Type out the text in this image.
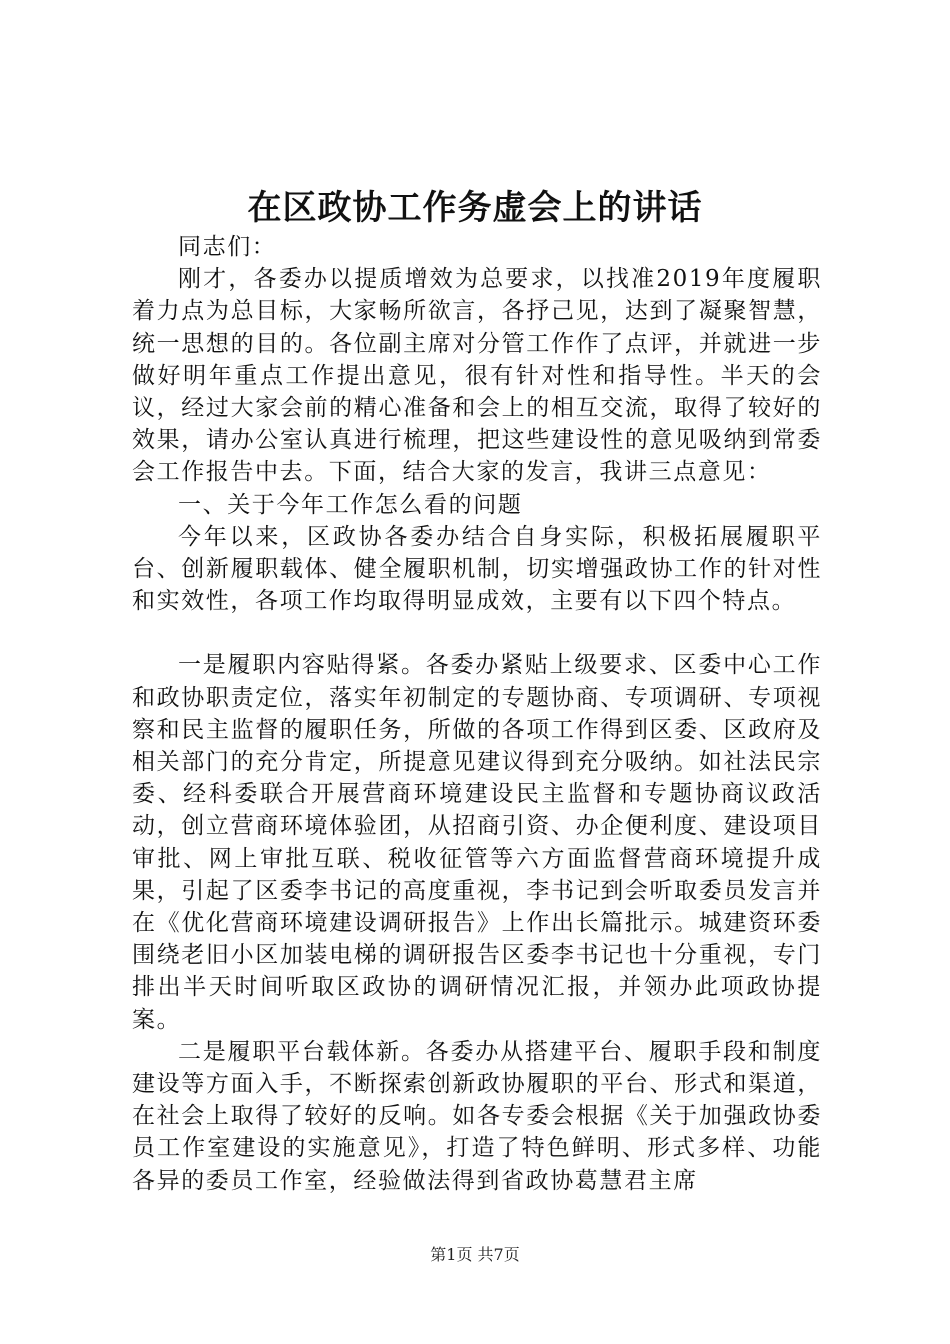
在区政协工作务虚会上的讲话

同志们：

刚才，各委办以提质增效为总要求，以找准2019年度履职着力点为总目标，大家畅所欲言，各抒己见，达到了凝聚智慧，统一思想的目的。各位副主席对分管工作作了点评，并就进一步做好明年重点工作提出意见，很有针对性和指导性。半天的会议，经过大家会前的精心准备和会上的相互交流，取得了较好的效果，请办公室认真进行梳理，把这些建设性的意见吸纳到常委会工作报告中去。下面，结合大家的发言，我讲三点意见：

一、关于今年工作怎么看的问题

今年以来，区政协各委办结合自身实际，积极拓展履职平台、创新履职载体、健全履职机制，切实增强政协工作的针对性和实效性，各项工作均取得明显成效，主要有以下四个特点。

一是履职内容贴得紧。各委办紧贴上级要求、区委中心工作和政协职责定位，落实年初制定的专题协商、专项调研、专项视察和民主监督的履职任务，所做的各项工作得到区委、区政府及相关部门的充分肯定，所提意见建议得到充分吸纳。如社法民宗委、经科委联合开展营商环境建设民主监督和专题协商议政活动，创立营商环境体验团，从招商引资、办企便利度、建设项目审批、网上审批互联、税收征管等六方面监督营商环境提升成果，引起了区委李书记的高度重视，李书记到会听取委员发言并在《优化营商环境建设调研报告》上作出长篇批示。城建资环委围绕老旧小区加装电梯的调研报告区委李书记也十分重视，专门排出半天时间听取区政协的调研情况汇报，并领办此项政协提案。

二是履职平台载体新。各委办从搭建平台、履职手段和制度建设等方面入手，不断探索创新政协履职的平台、形式和渠道，在社会上取得了较好的反响。如各专委会根据《关于加强政协委员工作室建设的实施意见》，打造了特色鲜明、形式多样、功能各异的委员工作室，经验做法得到省政协葛慧君主席

第1页 共7页
